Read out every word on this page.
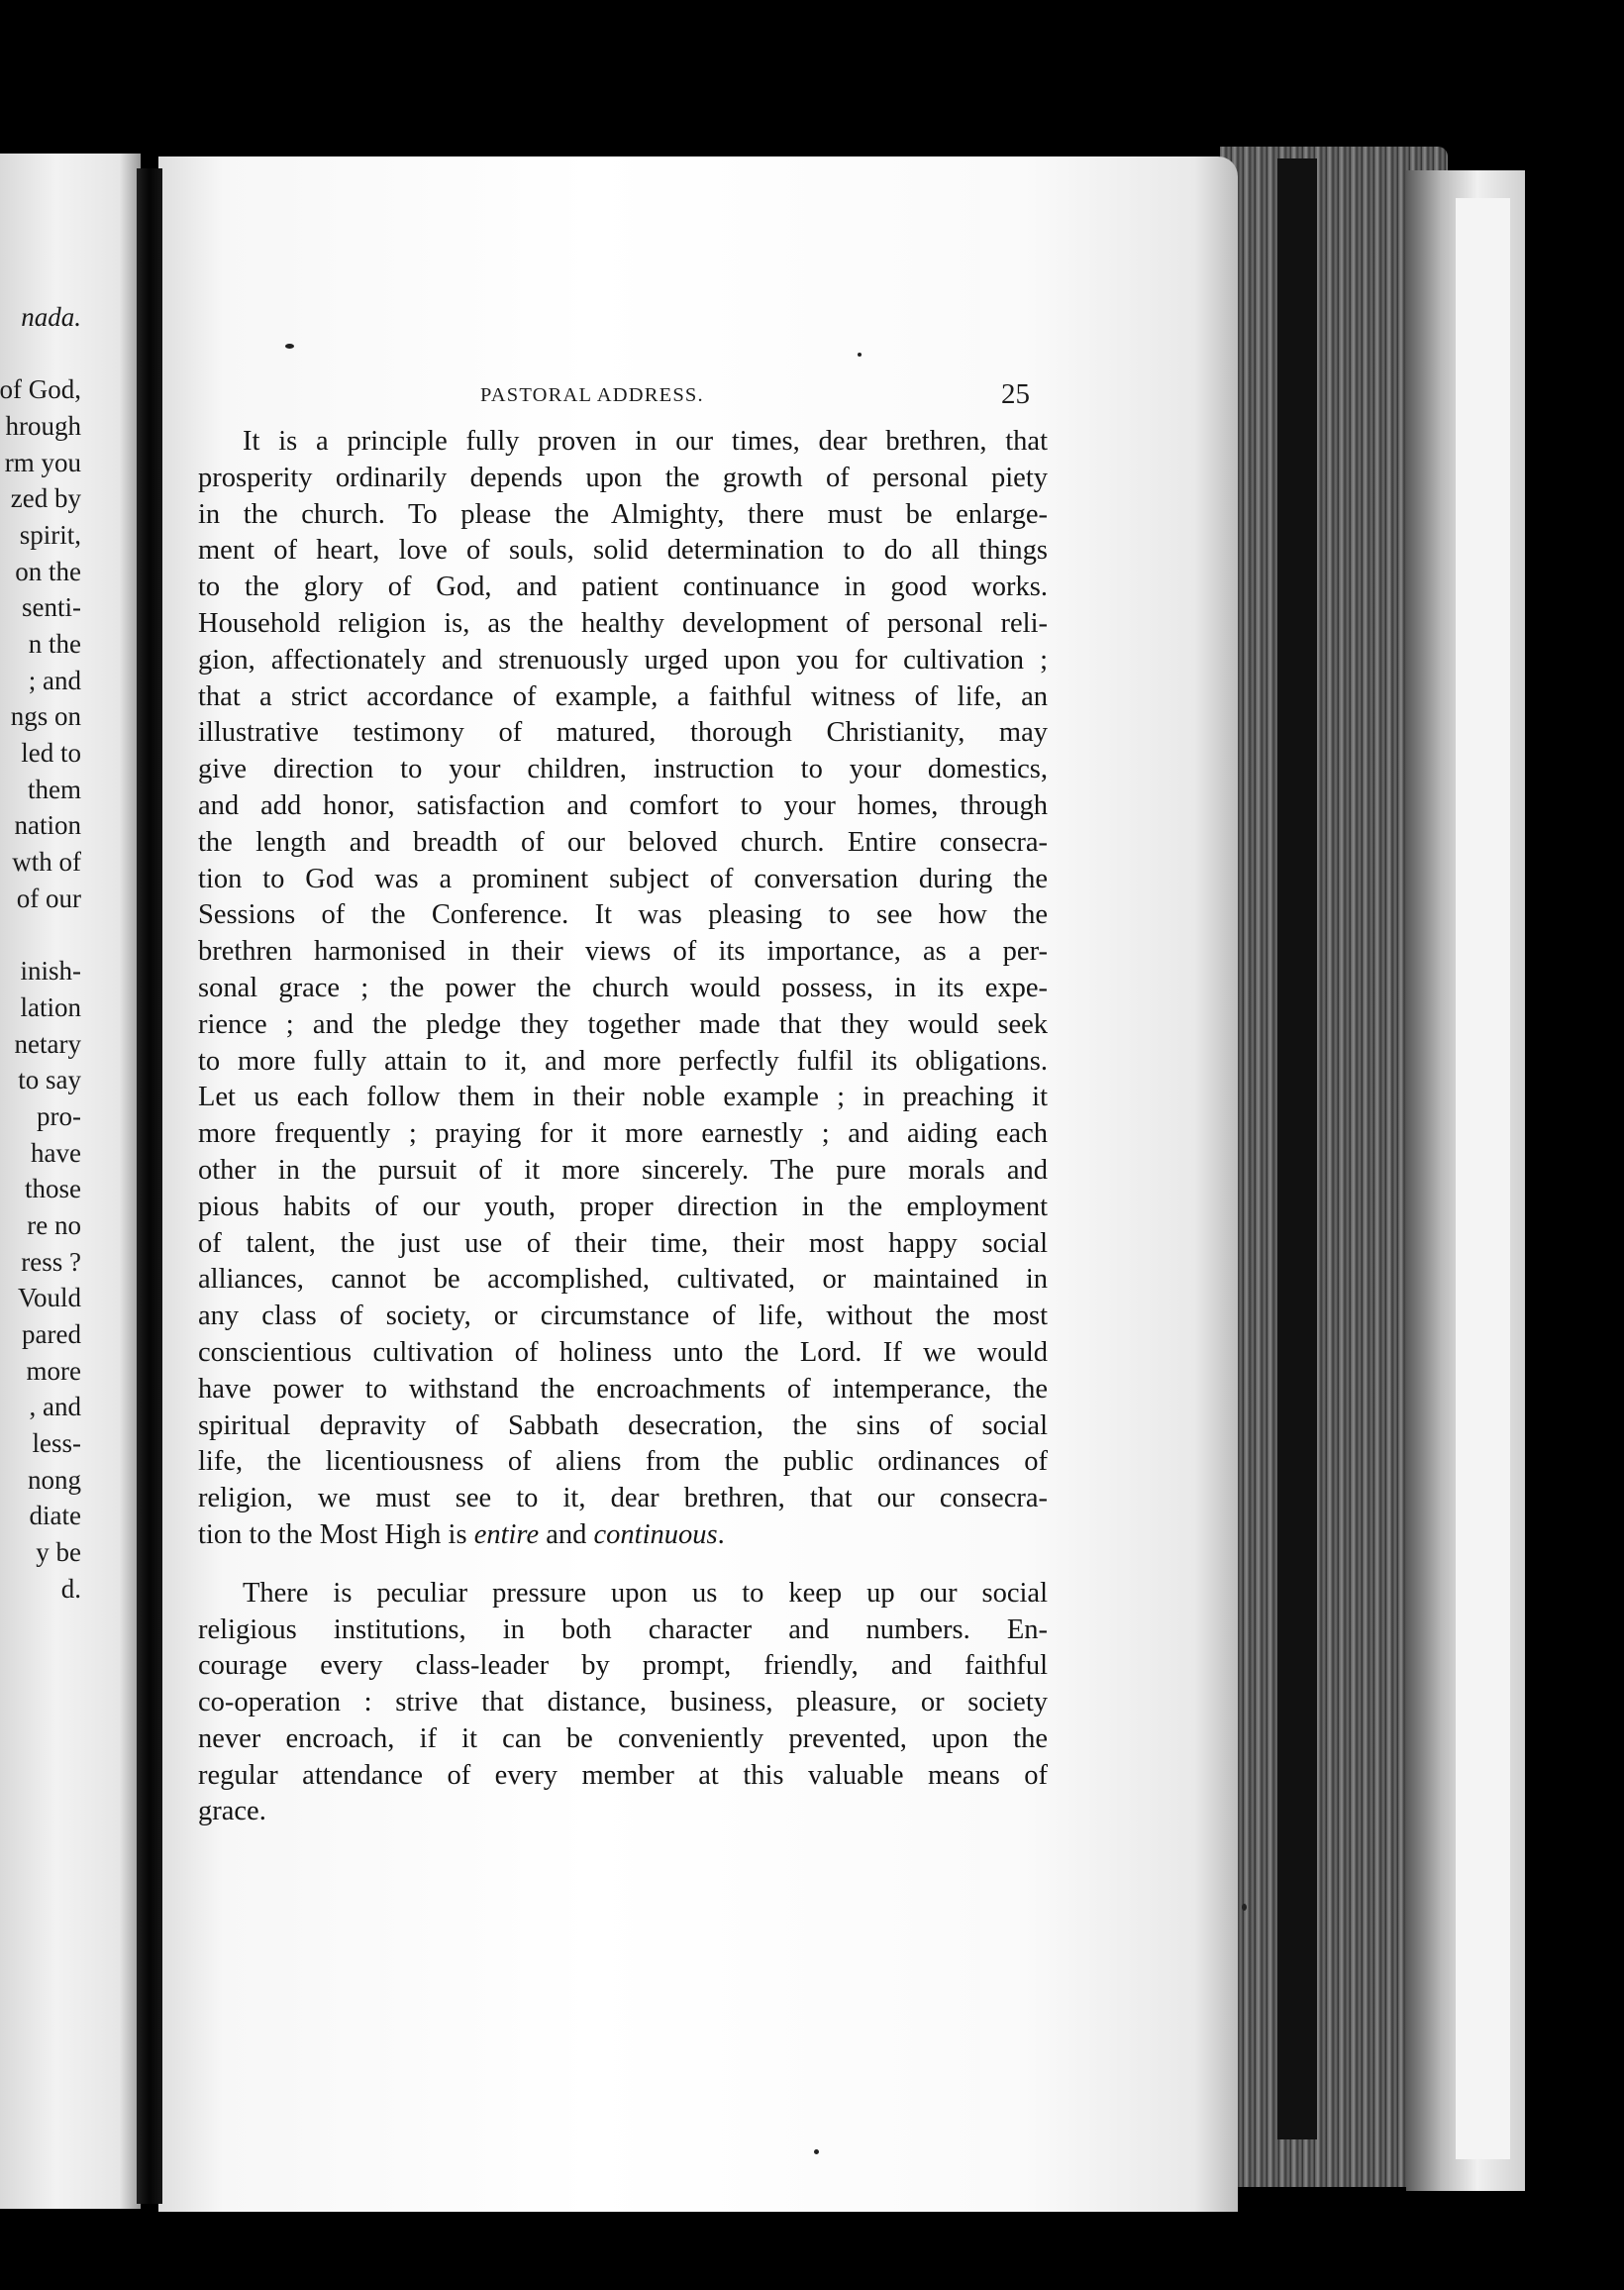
nada.
of God,
hrough
rm you
zed by
spirit,
on the
senti-
n the
; and
ngs on
led to
them
nation
wth of
of our
inish-
lation
netary
to say
pro-
have
those
re no
ress ?
Vould
pared
more
, and
less-
nong
diate
y be
d.
PASTORAL ADDRESS.	25
It is a principle fully proven in our times, dear brethren, that
prosperity ordinarily depends upon the growth of personal piety
in the church. To please the Almighty, there must be enlarge-
ment of heart, love of souls, solid determination to do all things
to the glory of God, and patient continuance in good works.
Household religion is, as the healthy development of personal reli-
gion, affectionately and strenuously urged upon you for cultivation ;
that a strict accordance of example, a faithful witness of life, an
illustrative testimony of matured, thorough Christianity, may
give direction to your children, instruction to your domestics,
and add honor, satisfaction and comfort to your homes, through
the length and breadth of our beloved church. Entire consecra-
tion to God was a prominent subject of conversation during the
Sessions of the Conference. It was pleasing to see how the
brethren harmonised in their views of its importance, as a per-
sonal grace ; the power the church would possess, in its expe-
rience ; and the pledge they together made that they would seek
to more fully attain to it, and more perfectly fulfil its obligations.
Let us each follow them in their noble example ; in preaching it
more frequently ; praying for it more earnestly ; and aiding each
other in the pursuit of it more sincerely. The pure morals and
pious habits of our youth, proper direction in the employment
of talent, the just use of their time, their most happy social
alliances, cannot be accomplished, cultivated, or maintained in
any class of society, or circumstance of life, without the most
conscientious cultivation of holiness unto the Lord. If we would
have power to withstand the encroachments of intemperance, the
spiritual depravity of Sabbath desecration, the sins of social
life, the licentiousness of aliens from the public ordinances of
religion, we must see to it, dear brethren, that our consecra-
tion to the Most High is entire and continuous.
There is peculiar pressure upon us to keep up our social
religious institutions, in both character and numbers. En-
courage every class-leader by prompt, friendly, and faithful
co-operation : strive that distance, business, pleasure, or society
never encroach, if it can be conveniently prevented, upon the
regular attendance of every member at this valuable means of
grace.
